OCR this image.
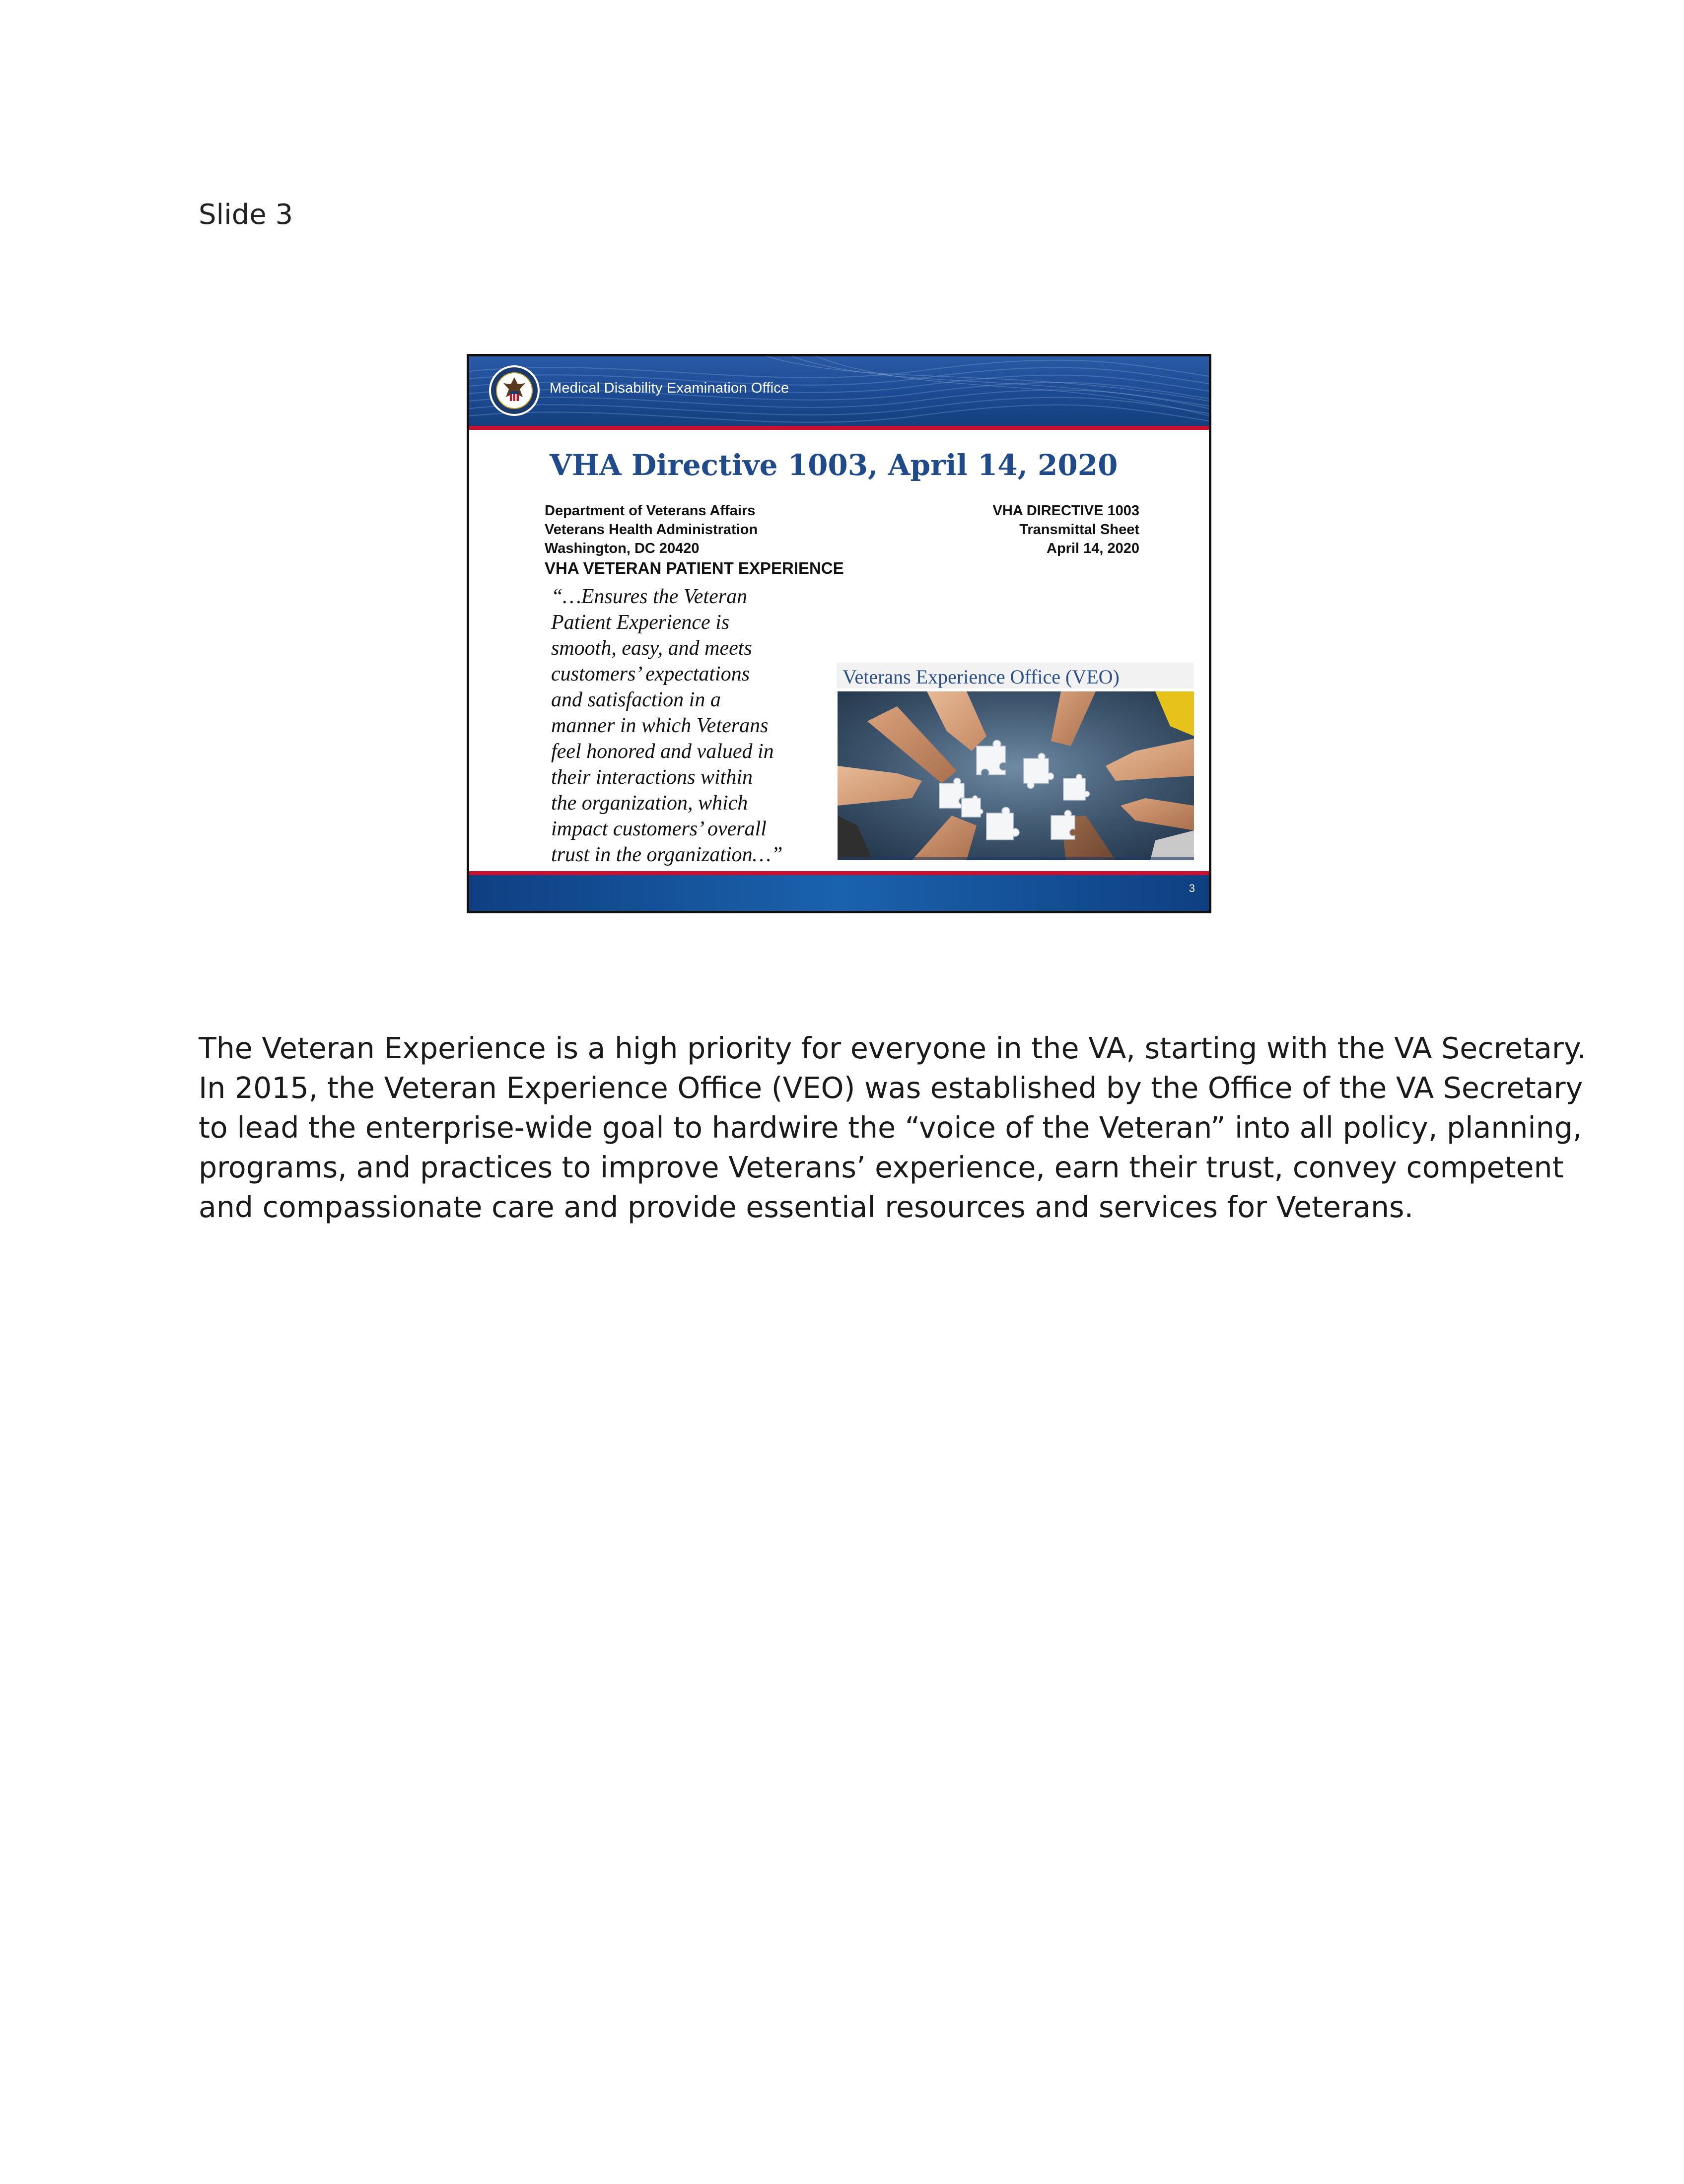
Slide 3
Medical Disability Examination Office
VHA Directive 1003, April 14, 2020
Department of Veterans Affairs
Veterans Health Administration
Washington, DC 20420
VHA DIRECTIVE 1003
Transmittal Sheet
April 14, 2020
VHA VETERAN PATIENT EXPERIENCE
“…Ensures the Veteran
Patient Experience is
smooth, easy, and meets
customers’ expectations
and satisfaction in a
manner in which Veterans
feel honored and valued in
their interactions within
the organization, which
impact customers’ overall
trust in the organization…”
Veterans Experience Office (VEO)
3
The Veteran Experience is a high priority for everyone in the VA, starting with the VA Secretary.
In 2015, the Veteran Experience Office (VEO) was established by the Office of the VA Secretary
to lead the enterprise-wide goal to hardwire the “voice of the Veteran” into all policy, planning,
programs, and practices to improve Veterans’ experience, earn their trust, convey competent
and compassionate care and provide essential resources and services for Veterans.
